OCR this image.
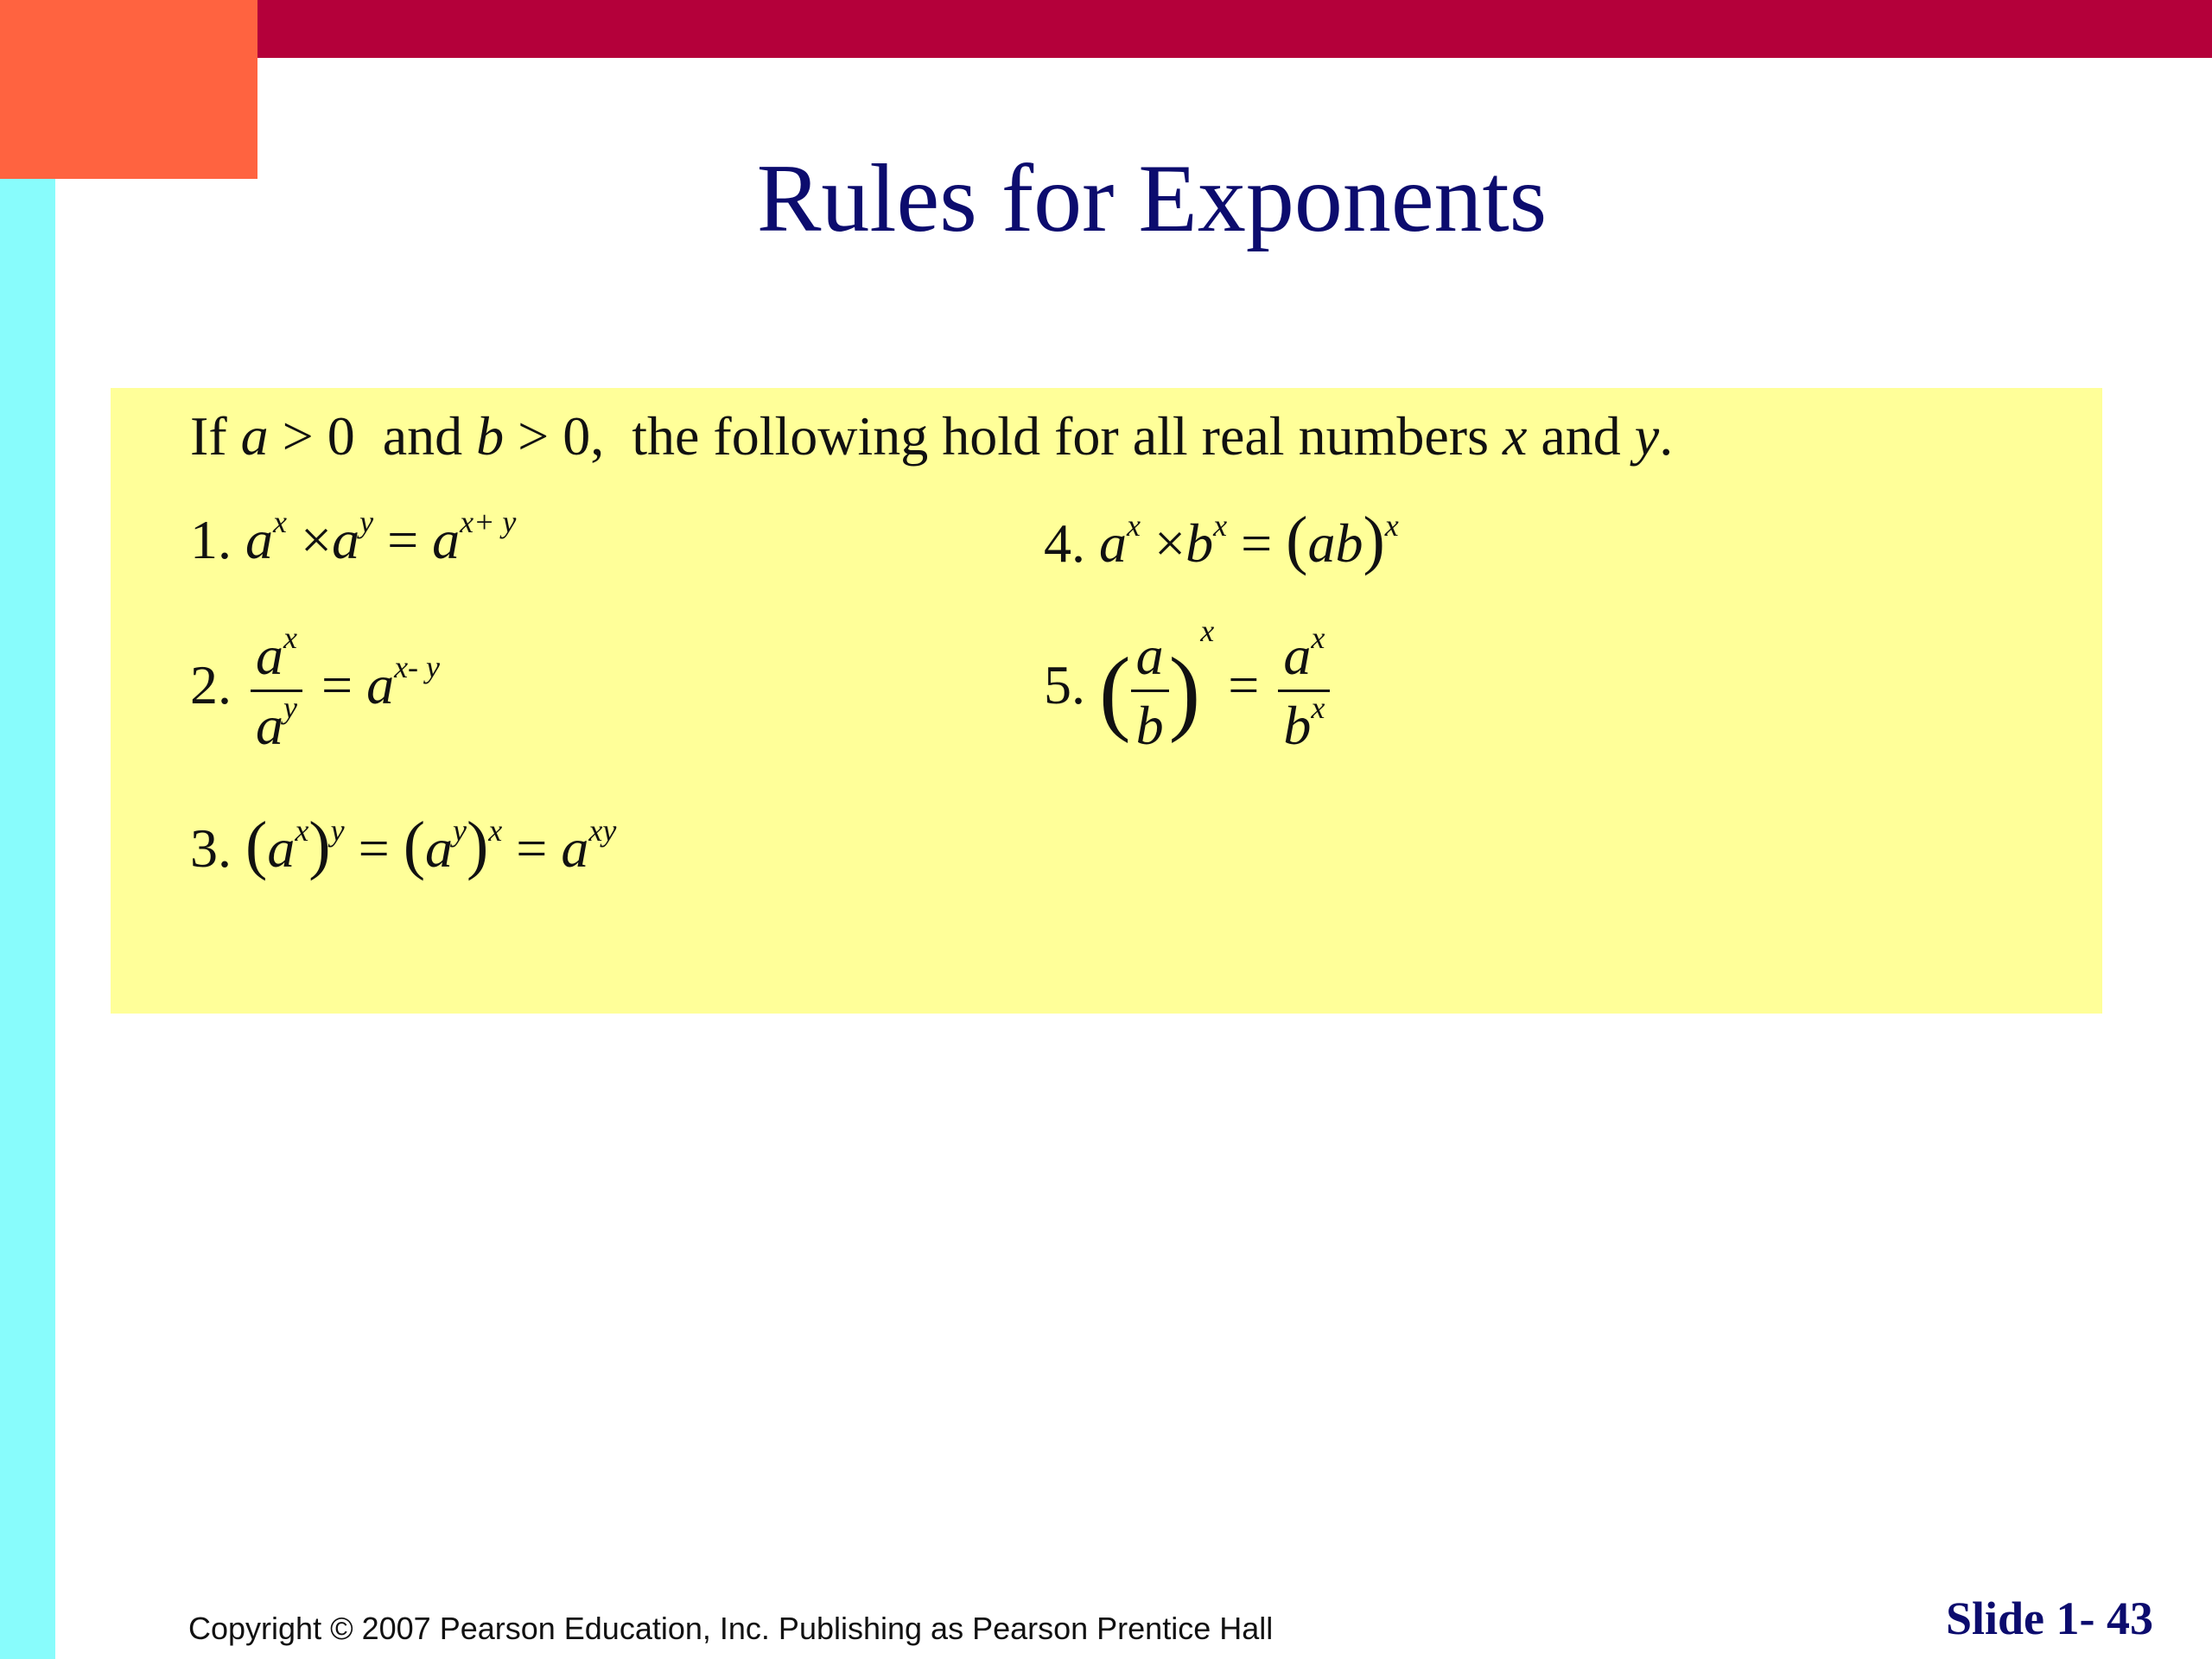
Rules for Exponents
If a > 0 and b > 0, the following hold for all real numbers x and y.
1. $a^x \times a^y = a^{x+ y}$	4. $a^x \times b^x = (ab)^x$
2. $\frac{a^x}{a^y} = a^{x- y}$	5. ( $\frac{a}{b} )^x = \frac{a^x}{b^x}$
3. $(a^x)^y = (a^y)^x = a^{xy}$
Copyright © 2007 Pearson Education, Inc. Publishing as Pearson Prentice Hall	Slide 1- 43
